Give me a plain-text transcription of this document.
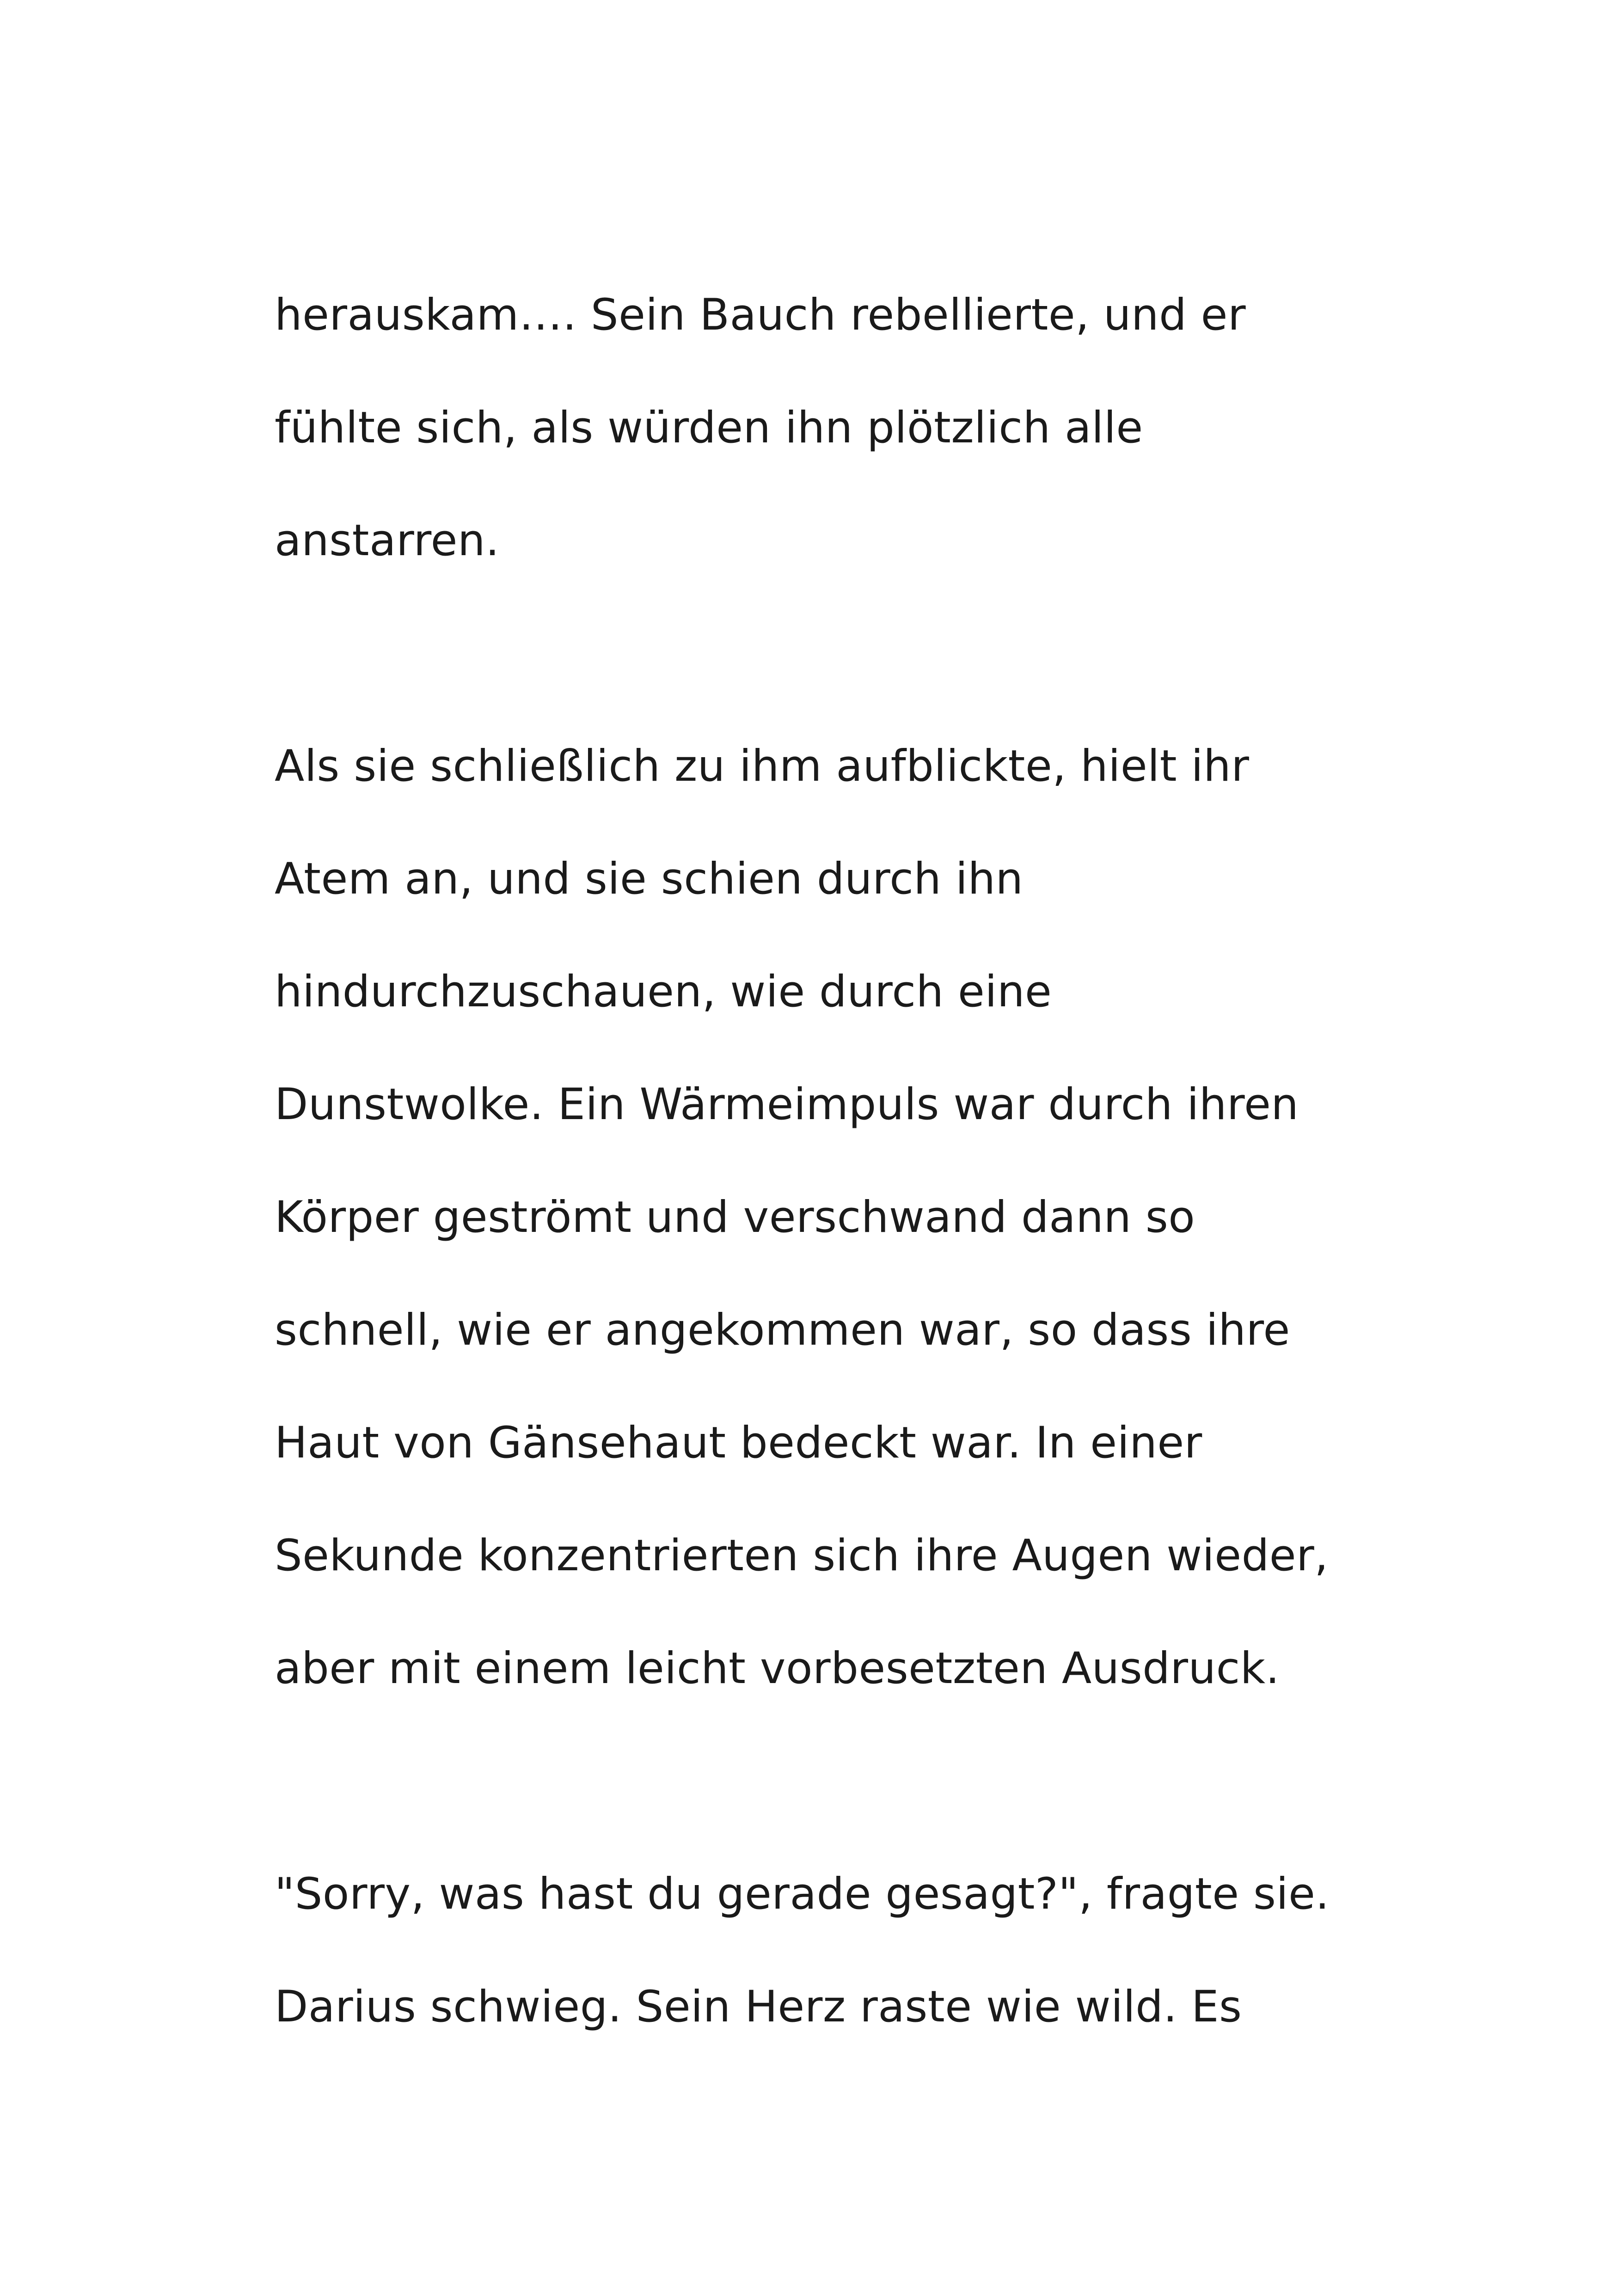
herauskam…. Sein Bauch rebellierte, und er
fühlte sich, als würden ihn plötzlich alle
anstarren.
Als sie schließlich zu ihm aufblickte, hielt ihr
Atem an, und sie schien durch ihn
hindurchzuschauen, wie durch eine
Dunstwolke. Ein Wärmeimpuls war durch ihren
Körper geströmt und verschwand dann so
schnell, wie er angekommen war, so dass ihre
Haut von Gänsehaut bedeckt war. In einer
Sekunde konzentrierten sich ihre Augen wieder,
aber mit einem leicht vorbesetzten Ausdruck.
"Sorry, was hast du gerade gesagt?", fragte sie.
Darius schwieg. Sein Herz raste wie wild. Es
